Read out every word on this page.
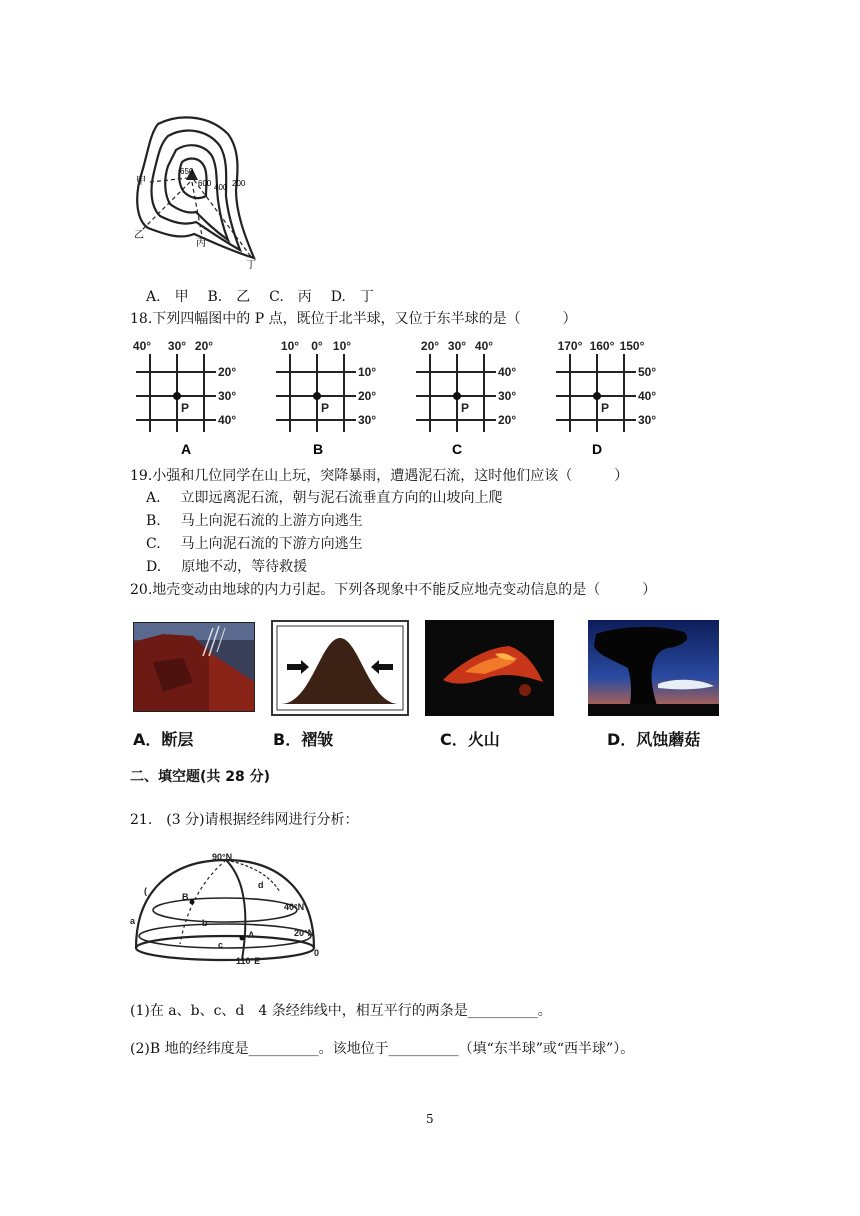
甲
乙
丙
丁
650
600 400 200
A.　 甲 B.　 乙 C.　 丙 D.　 丁
18.下列四幅图中的 P 点，既位于北半球，又位于东半球的是（　　　）
P
40° 30° 20°
20°
30°
40°
A
P
10° 0° 10°
10°
20°
30°
B
P
20° 30° 40°
40°
30°
20°
C
P
170° 160° 150°
50°
40°
30°
D
19.小强和几位同学在山上玩，突降暴雨，遭遇泥石流，这时他们应该（　　　）
A. 立即远离泥石流，朝与泥石流垂直方向的山坡向上爬
B. 马上向泥石流的上游方向逃生
C. 马上向泥石流的下游方向逃生
D. 原地不动，等待救援
20.地壳变动由地球的内力引起。下列各现象中不能反应地壳变动信息的是（　　　）
A．断层	B．褶皱	C．火山	D．风蚀蘑菇
二、填空题(共 28 分)
21.　(3 分)请根据经纬网进行分析：
90°N
40°N
20°N
0
110°E
d
a	b
c
A
B
(
(1)在 a、b、c、d　4 条经纬线中，相互平行的两条是__________。
(2)B 地的经纬度是__________。该地位于__________（填“东半球”或“西半球”）。
5
